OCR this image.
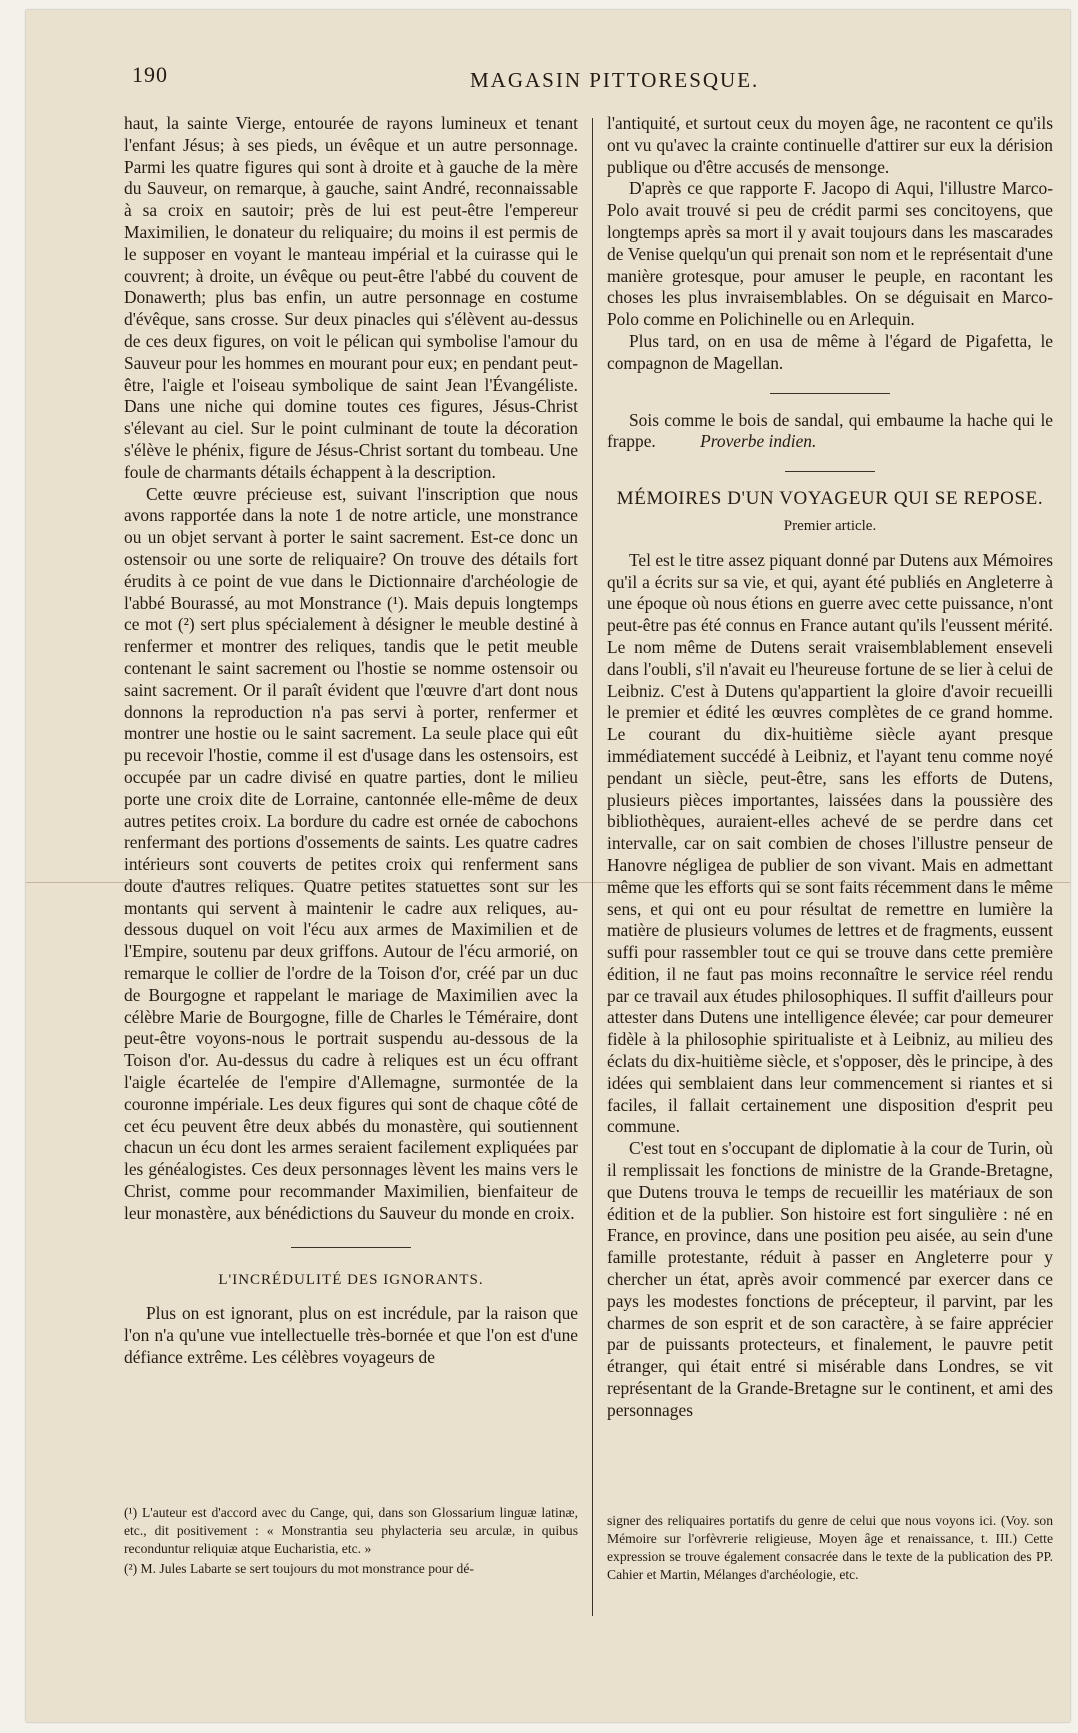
190	MAGASIN PITTORESQUE.

haut, la sainte Vierge, entourée de rayons lumineux et tenant l'enfant Jésus; à ses pieds, un évêque et un autre personnage. Parmi les quatre figures qui sont à droite et à gauche de la mère du Sauveur, on remarque, à gauche, saint André, reconnaissable à sa croix en sautoir; près de lui est peut-être l'empereur Maximilien, le donateur du reliquaire; du moins il est permis de le supposer en voyant le manteau impérial et la cuirasse qui le couvrent; à droite, un évêque ou peut-être l'abbé du couvent de Donawerth; plus bas enfin, un autre personnage en costume d'évêque, sans crosse. Sur deux pinacles qui s'élèvent au-dessus de ces deux figures, on voit le pélican qui symbolise l'amour du Sauveur pour les hommes en mourant pour eux; en pendant peut-être, l'aigle et l'oiseau symbolique de saint Jean l'Évangéliste. Dans une niche qui domine toutes ces figures, Jésus-Christ s'élevant au ciel. Sur le point culminant de toute la décoration s'élève le phénix, figure de Jésus-Christ sortant du tombeau. Une foule de charmants détails échappent à la description.

Cette œuvre précieuse est, suivant l'inscription que nous avons rapportée dans la note 1 de notre article, une monstrance ou un objet servant à porter le saint sacrement. Est-ce donc un ostensoir ou une sorte de reliquaire? On trouve des détails fort érudits à ce point de vue dans le Dictionnaire d'archéologie de l'abbé Bourassé, au mot Monstrance (¹). Mais depuis longtemps ce mot (²) sert plus spécialement à désigner le meuble destiné à renfermer et montrer des reliques, tandis que le petit meuble contenant le saint sacrement ou l'hostie se nomme ostensoir ou saint sacrement. Or il paraît évident que l'œuvre d'art dont nous donnons la reproduction n'a pas servi à porter, renfermer et montrer une hostie ou le saint sacrement. La seule place qui eût pu recevoir l'hostie, comme il est d'usage dans les ostensoirs, est occupée par un cadre divisé en quatre parties, dont le milieu porte une croix dite de Lorraine, cantonnée elle-même de deux autres petites croix. La bordure du cadre est ornée de cabochons renfermant des portions d'ossements de saints. Les quatre cadres intérieurs sont couverts de petites croix qui renferment sans doute d'autres reliques. Quatre petites statuettes sont sur les montants qui servent à maintenir le cadre aux reliques, au-dessous duquel on voit l'écu aux armes de Maximilien et de l'Empire, soutenu par deux griffons. Autour de l'écu armorié, on remarque le collier de l'ordre de la Toison d'or, créé par un duc de Bourgogne et rappelant le mariage de Maximilien avec la célèbre Marie de Bourgogne, fille de Charles le Téméraire, dont peut-être voyons-nous le portrait suspendu au-dessous de la Toison d'or. Au-dessus du cadre à reliques est un écu offrant l'aigle écartelée de l'empire d'Allemagne, surmontée de la couronne impériale. Les deux figures qui sont de chaque côté de cet écu peuvent être deux abbés du monastère, qui soutiennent chacun un écu dont les armes seraient facilement expliquées par les généalogistes. Ces deux personnages lèvent les mains vers le Christ, comme pour recommander Maximilien, bienfaiteur de leur monastère, aux bénédictions du Sauveur du monde en croix.

L'INCRÉDULITÉ DES IGNORANTS.

Plus on est ignorant, plus on est incrédule, par la raison que l'on n'a qu'une vue intellectuelle très-bornée et que l'on est d'une défiance extrême. Les célèbres voyageurs de

l'antiquité, et surtout ceux du moyen âge, ne racontent ce qu'ils ont vu qu'avec la crainte continuelle d'attirer sur eux la dérision publique ou d'être accusés de mensonge.

D'après ce que rapporte F. Jacopo di Aqui, l'illustre Marco-Polo avait trouvé si peu de crédit parmi ses concitoyens, que longtemps après sa mort il y avait toujours dans les mascarades de Venise quelqu'un qui prenait son nom et le représentait d'une manière grotesque, pour amuser le peuple, en racontant les choses les plus invraisemblables. On se déguisait en Marco-Polo comme en Polichinelle ou en Arlequin.

Plus tard, on en usa de même à l'égard de Pigafetta, le compagnon de Magellan.

Sois comme le bois de sandal, qui embaume la hache qui le frappe.	Proverbe indien.

MÉMOIRES D'UN VOYAGEUR QUI SE REPOSE.
Premier article.

Tel est le titre assez piquant donné par Dutens aux Mémoires qu'il a écrits sur sa vie, et qui, ayant été publiés en Angleterre à une époque où nous étions en guerre avec cette puissance, n'ont peut-être pas été connus en France autant qu'ils l'eussent mérité. Le nom même de Dutens serait vraisemblablement enseveli dans l'oubli, s'il n'avait eu l'heureuse fortune de se lier à celui de Leibniz. C'est à Dutens qu'appartient la gloire d'avoir recueilli le premier et édité les œuvres complètes de ce grand homme. Le courant du dix-huitième siècle ayant presque immédiatement succédé à Leibniz, et l'ayant tenu comme noyé pendant un siècle, peut-être, sans les efforts de Dutens, plusieurs pièces importantes, laissées dans la poussière des bibliothèques, auraient-elles achevé de se perdre dans cet intervalle, car on sait combien de choses l'illustre penseur de Hanovre négligea de publier de son vivant. Mais en admettant même que les efforts qui se sont faits récemment dans le même sens, et qui ont eu pour résultat de remettre en lumière la matière de plusieurs volumes de lettres et de fragments, eussent suffi pour rassembler tout ce qui se trouve dans cette première édition, il ne faut pas moins reconnaître le service réel rendu par ce travail aux études philosophiques. Il suffit d'ailleurs pour attester dans Dutens une intelligence élevée; car pour demeurer fidèle à la philosophie spiritualiste et à Leibniz, au milieu des éclats du dix-huitième siècle, et s'opposer, dès le principe, à des idées qui semblaient dans leur commencement si riantes et si faciles, il fallait certainement une disposition d'esprit peu commune.

C'est tout en s'occupant de diplomatie à la cour de Turin, où il remplissait les fonctions de ministre de la Grande-Bretagne, que Dutens trouva le temps de recueillir les matériaux de son édition et de la publier. Son histoire est fort singulière : né en France, en province, dans une position peu aisée, au sein d'une famille protestante, réduit à passer en Angleterre pour y chercher un état, après avoir commencé par exercer dans ce pays les modestes fonctions de précepteur, il parvint, par les charmes de son esprit et de son caractère, à se faire apprécier par de puissants protecteurs, et finalement, le pauvre petit étranger, qui était entré si misérable dans Londres, se vit représentant de la Grande-Bretagne sur le continent, et ami des personnages

(¹) L'auteur est d'accord avec du Cange, qui, dans son Glossarium linguæ latinæ, etc., dit positivement : « Monstrantia seu phylacteria seu arculæ, in quibus reconduntur reliquiæ atque Eucharistia, etc. »

(²) M. Jules Labarte se sert toujours du mot monstrance pour dé-

signer des reliquaires portatifs du genre de celui que nous voyons ici. (Voy. son Mémoire sur l'orfèvrerie religieuse, Moyen âge et renaissance, t. III.) Cette expression se trouve également consacrée dans le texte de la publication des PP. Cahier et Martin, Mélanges d'archéologie, etc.
